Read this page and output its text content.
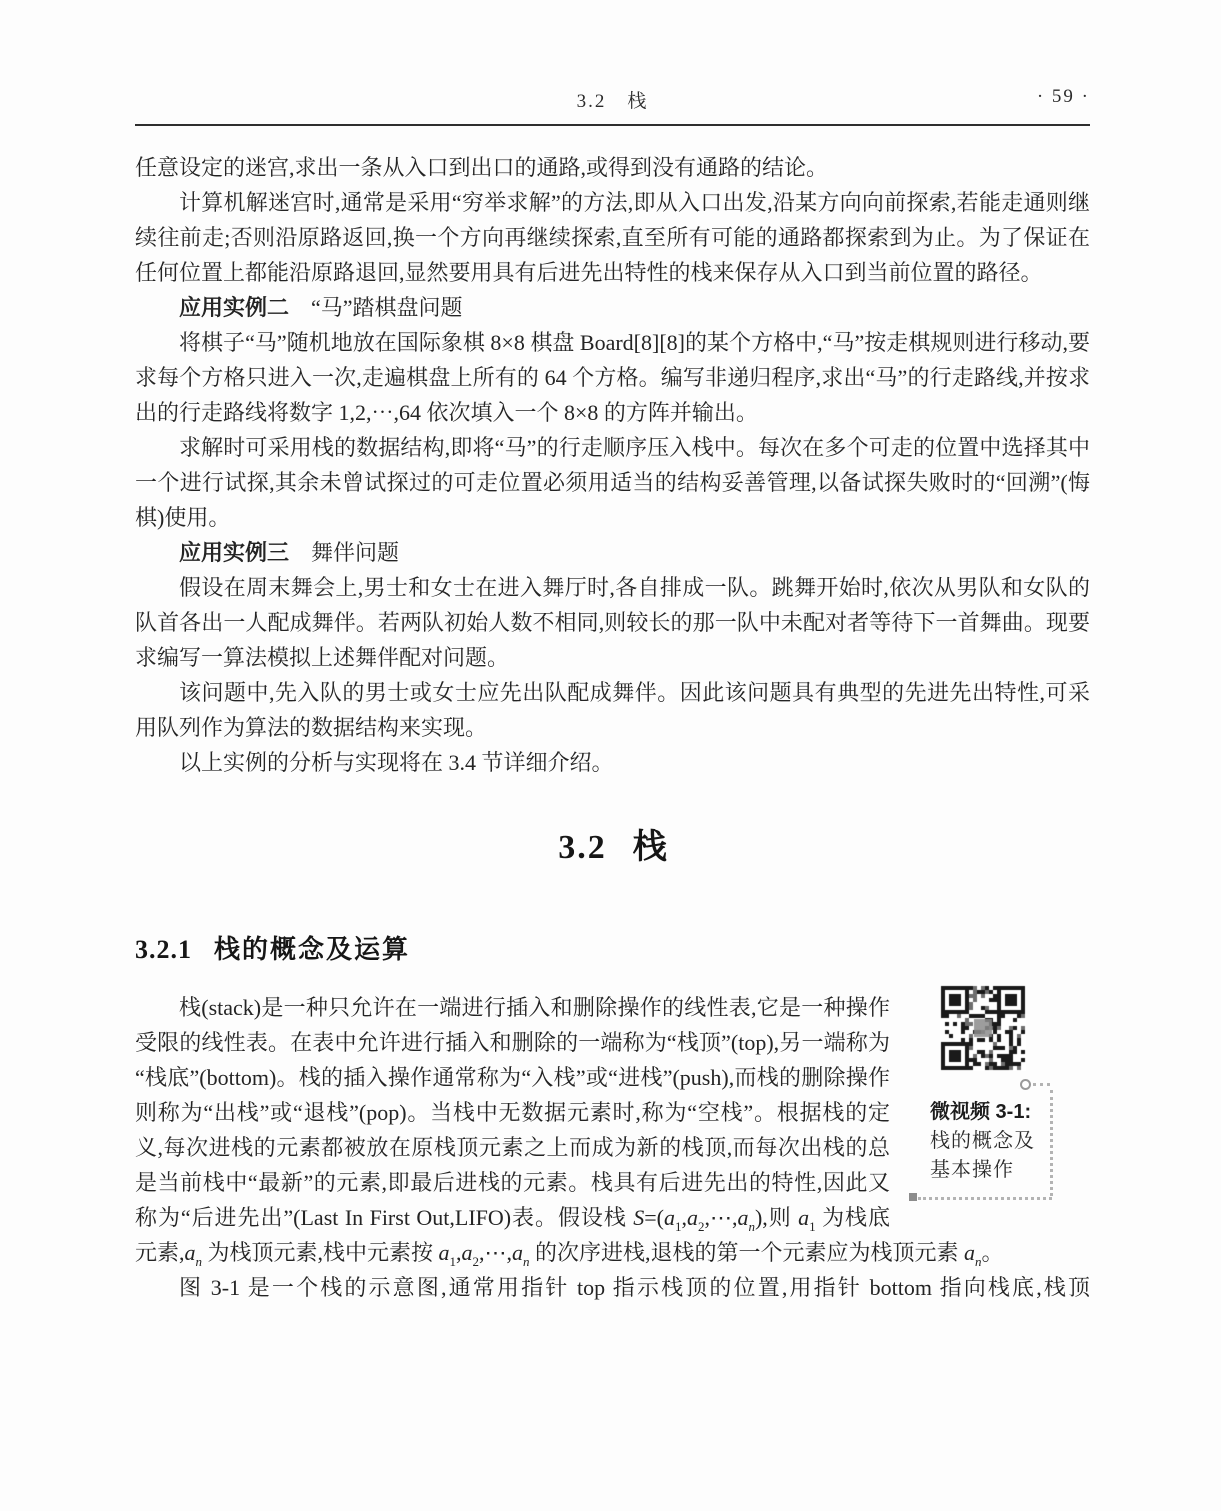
3.2　栈	· 59 ·

任意设定的迷宫,求出一条从入口到出口的通路,或得到没有通路的结论。

计算机解迷宫时,通常是采用“穷举求解”的方法,即从入口出发,沿某方向向前探索,若能走通则继续往前走;否则沿原路返回,换一个方向再继续探索,直至所有可能的通路都探索到为止。为了保证在任何位置上都能沿原路退回,显然要用具有后进先出特性的栈来保存从入口到当前位置的路径。

应用实例二 “马”踏棋盘问题

将棋子“马”随机地放在国际象棋 8×8 棋盘 Board[8][8]的某个方格中,“马”按走棋规则进行移动,要求每个方格只进入一次,走遍棋盘上所有的 64 个方格。编写非递归程序,求出“马”的行走路线,并按求出的行走路线将数字 1,2,⋯,64 依次填入一个 8×8 的方阵并输出。

求解时可采用栈的数据结构,即将“马”的行走顺序压入栈中。每次在多个可走的位置中选择其中一个进行试探,其余未曾试探过的可走位置必须用适当的结构妥善管理,以备试探失败时的“回溯”(悔棋)使用。

应用实例三 舞伴问题

假设在周末舞会上,男士和女士在进入舞厅时,各自排成一队。跳舞开始时,依次从男队和女队的队首各出一人配成舞伴。若两队初始人数不相同,则较长的那一队中未配对者等待下一首舞曲。现要求编写一算法模拟上述舞伴配对问题。

该问题中,先入队的男士或女士应先出队配成舞伴。因此该问题具有典型的先进先出特性,可采用队列作为算法的数据结构来实现。

以上实例的分析与实现将在 3.4 节详细介绍。

3.2 栈
3.2.1 栈的概念及运算

微视频 3-1:
栈的概念及
基本操作
栈(stack)是一种只允许在一端进行插入和删除操作的线性表,它是一种操作受限的线性表。在表中允许进行插入和删除的一端称为“栈顶”(top),另一端称为“栈底”(bottom)。栈的插入操作通常称为“入栈”或“进栈”(push),而栈的删除操作则称为“出栈”或“退栈”(pop)。当栈中无数据元素时,称为“空栈”。根据栈的定义,每次进栈的元素都被放在原栈顶元素之上而成为新的栈顶,而每次出栈的总是当前栈中“最新”的元素,即最后进栈的元素。栈具有后进先出的特性,因此又称为“后进先出”(Last In First Out,LIFO)表。假设栈 $S=(a_1,a_2,\cdots,a_n)$,则 $a_1$ 为栈底元素$,a_n$ 为栈顶元素,栈中元素按 $a_1,a_2,\cdots,a_n$ 的次序进栈,退栈的第一个元素应为栈顶元素 $a_n$。

图 3-1 是一个栈的示意图,通常用指针 top 指示栈顶的位置,用指针 bottom 指向栈底,栈顶
